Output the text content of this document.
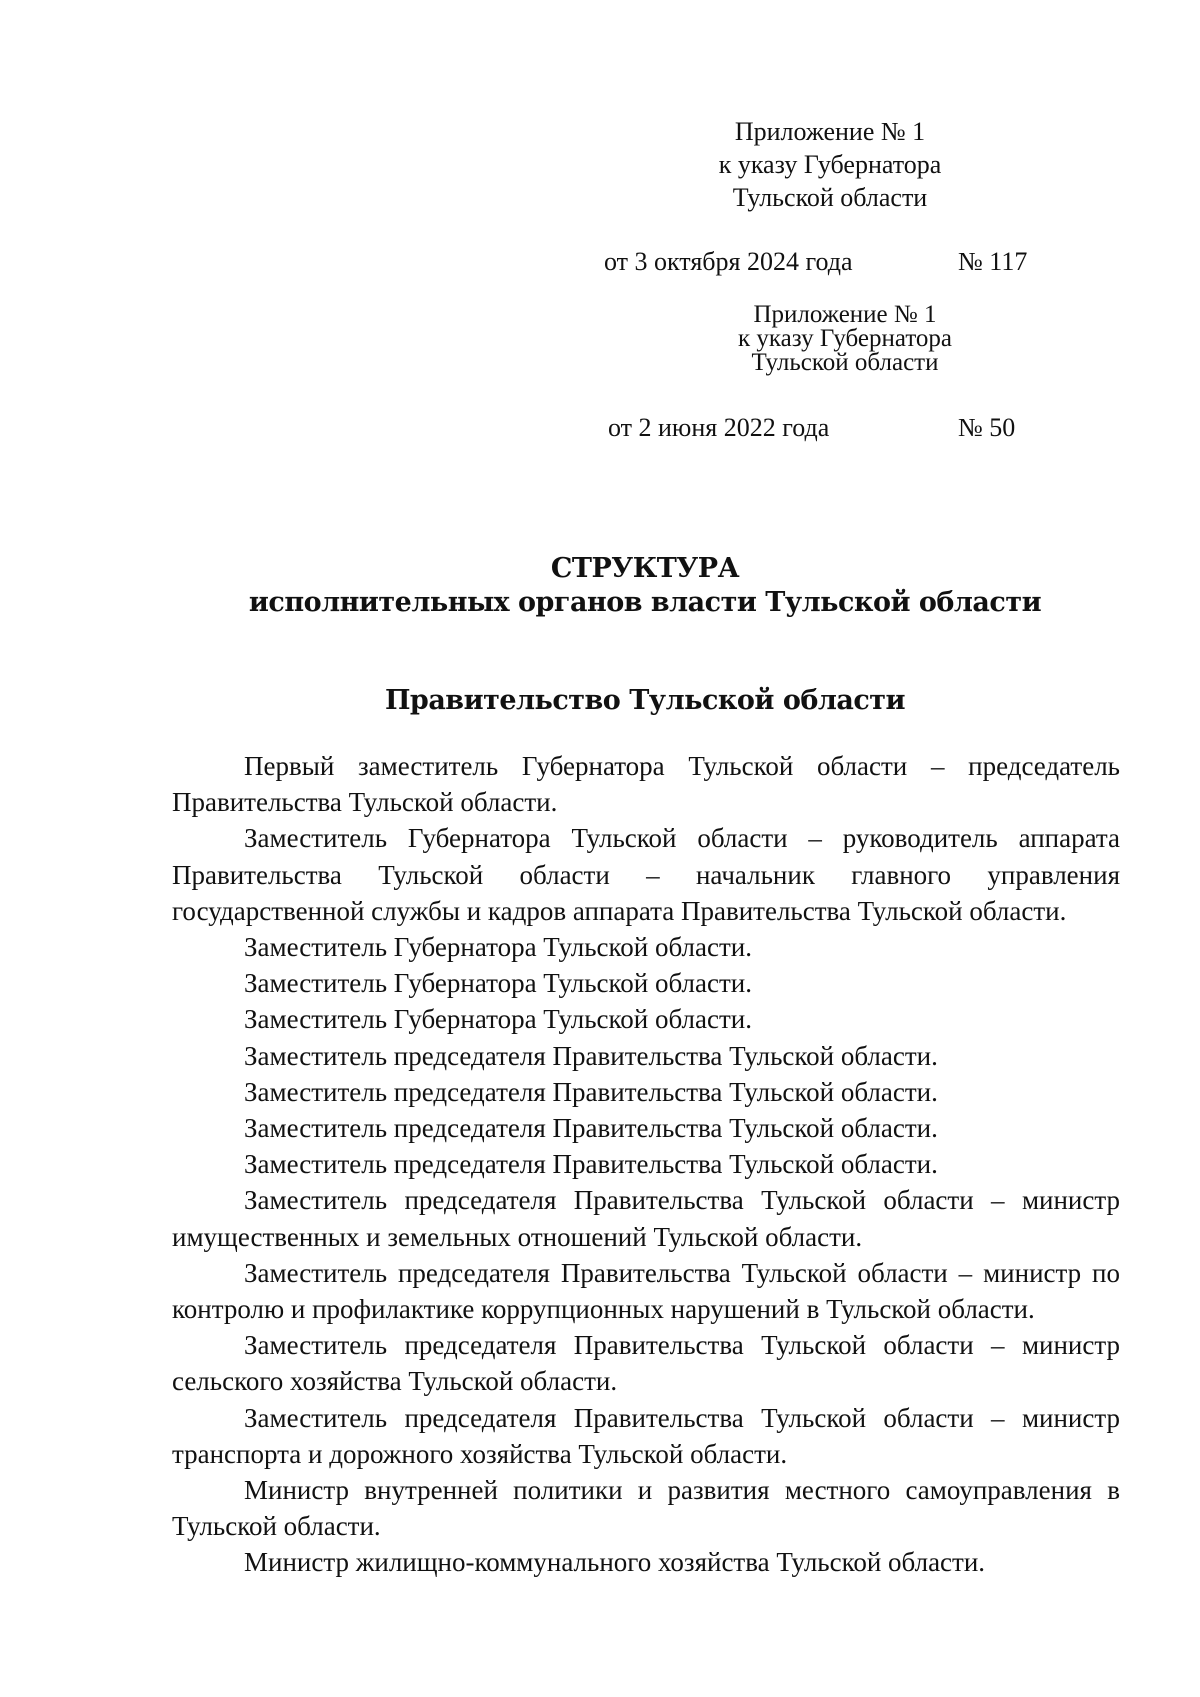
Приложение № 1
к указу Губернатора
Тульской области
от 3 октября 2024 года	№ 117
Приложение № 1
к указу Губернатора
Тульской области
от 2 июня 2022 года	№ 50
СТРУКТУРА
исполнительных органов власти Тульской области
Правительство Тульской области

Первый заместитель Губернатора Тульской области – председатель Правительства Тульской области.

Заместитель Губернатора Тульской области – руководитель аппарата Правительства Тульской области – начальник главного управления государственной службы и кадров аппарата Правительства Тульской области.

Заместитель Губернатора Тульской области.

Заместитель Губернатора Тульской области.

Заместитель Губернатора Тульской области.

Заместитель председателя Правительства Тульской области.

Заместитель председателя Правительства Тульской области.

Заместитель председателя Правительства Тульской области.

Заместитель председателя Правительства Тульской области.

Заместитель председателя Правительства Тульской области – министр имущественных и земельных отношений Тульской области.

Заместитель председателя Правительства Тульской области – министр по контролю и профилактике коррупционных нарушений в Тульской области.

Заместитель председателя Правительства Тульской области – министр сельского хозяйства Тульской области.

Заместитель председателя Правительства Тульской области – министр транспорта и дорожного хозяйства Тульской области.

Министр внутренней политики и развития местного самоуправления в Тульской области.

Министр жилищно-коммунального хозяйства Тульской области.
